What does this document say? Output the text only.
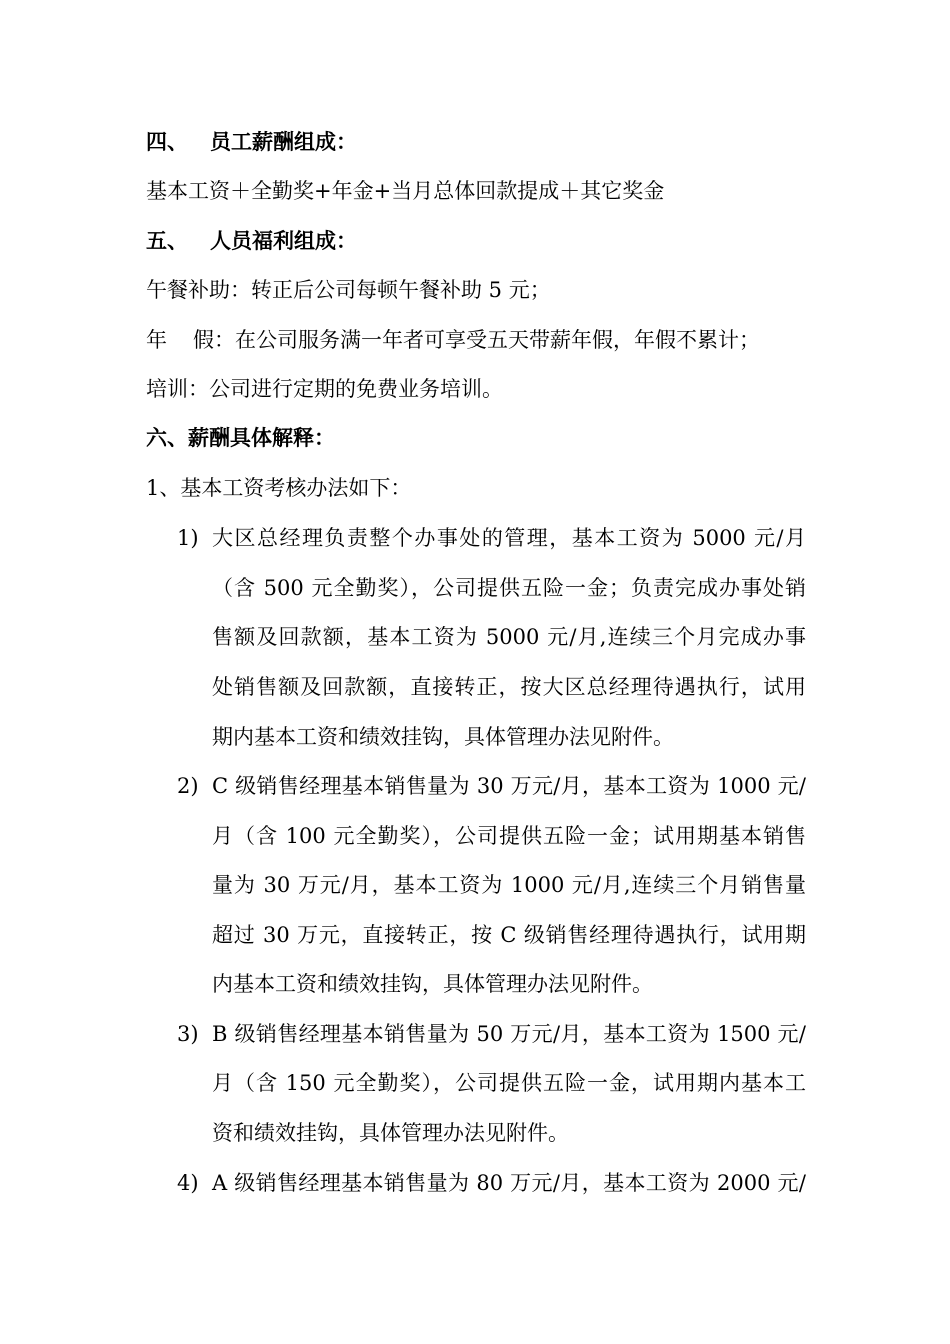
四、 员工薪酬组成：
基本工资＋全勤奖+年金+当月总体回款提成＋其它奖金
五、 人员福利组成：
午餐补助：转正后公司每顿午餐补助 5 元；
年 假：在公司服务满一年者可享受五天带薪年假，年假不累计；
培训：公司进行定期的免费业务培训。
六、薪酬具体解释：
1、基本工资考核办法如下：
1) 大区总经理负责整个办事处的管理，基本工资为 5000 元/月
（含 500 元全勤奖），公司提供五险一金；负责完成办事处销
售额及回款额，基本工资为 5000 元/月,连续三个月完成办事
处销售额及回款额，直接转正，按大区总经理待遇执行，试用
期内基本工资和绩效挂钩，具体管理办法见附件。
2) C 级销售经理基本销售量为 30 万元/月，基本工资为 1000 元/
月（含 100 元全勤奖），公司提供五险一金；试用期基本销售
量为 30 万元/月，基本工资为 1000 元/月,连续三个月销售量
超过 30 万元，直接转正，按 C 级销售经理待遇执行，试用期
内基本工资和绩效挂钩，具体管理办法见附件。
3) B 级销售经理基本销售量为 50 万元/月，基本工资为 1500 元/
月（含 150 元全勤奖），公司提供五险一金，试用期内基本工
资和绩效挂钩，具体管理办法见附件。
4) A 级销售经理基本销售量为 80 万元/月，基本工资为 2000 元/
